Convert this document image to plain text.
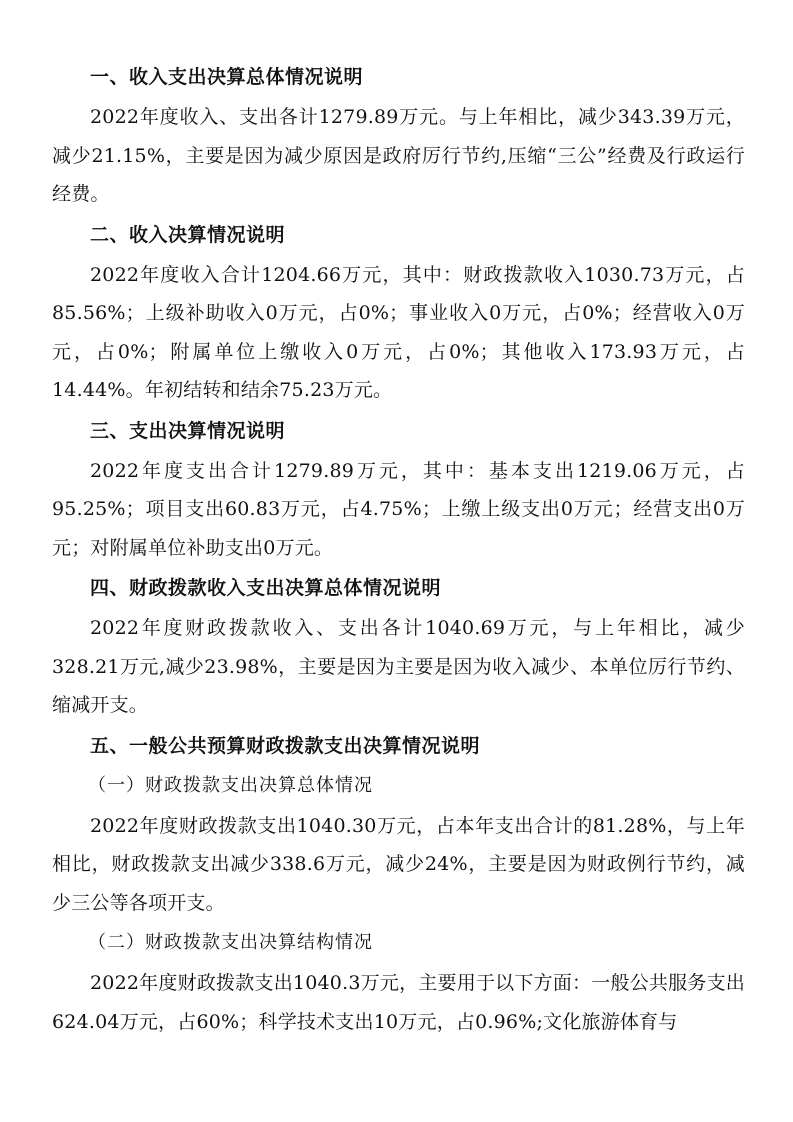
一、收入支出决算总体情况说明

2022年度收入、支出各计1279.89万元。与上年相比，减少343.39万元，减少21.15%，主要是因为减少原因是政府厉行节约,压缩“三公”经费及行政运行经费。

二、收入决算情况说明

2022年度收入合计1204.66万元，其中：财政拨款收入1030.73万元，占85.56%；上级补助收入0万元，占0%；事业收入0万元，占0%；经营收入0万元，占0%；附属单位上缴收入0万元，占0%；其他收入173.93万元，占14.44%。年初结转和结余75.23万元。

三、支出决算情况说明

2022年度支出合计1279.89万元，其中：基本支出1219.06万元，占95.25%；项目支出60.83万元，占4.75%；上缴上级支出0万元；经营支出0万元；对附属单位补助支出0万元。

四、财政拨款收入支出决算总体情况说明

2022年度财政拨款收入、支出各计1040.69万元，与上年相比，减少328.21万元,减少23.98%，主要是因为主要是因为收入减少、本单位厉行节约、缩减开支。

五、一般公共预算财政拨款支出决算情况说明
（一）财政拨款支出决算总体情况

2022年度财政拨款支出1040.30万元，占本年支出合计的81.28%，与上年相比，财政拨款支出减少338.6万元，减少24%，主要是因为财政例行节约，减少三公等各项开支。

（二）财政拨款支出决算结构情况

2022年度财政拨款支出1040.3万元，主要用于以下方面：一般公共服务支出624.04万元，占60%；科学技术支出10万元，占0.96%;文化旅游体育与
